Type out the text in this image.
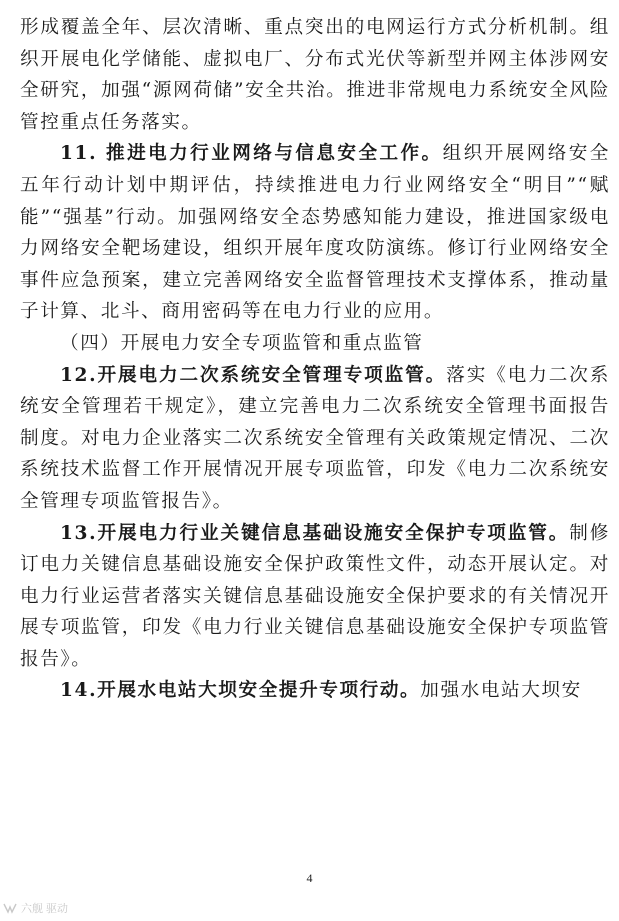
形成覆盖全年、层次清晰、重点突出的电网运行方式分析机制。组织开展电化学储能、虚拟电厂、分布式光伏等新型并网主体涉网安全研究，加强“源网荷储”安全共治。推进非常规电力系统安全风险管控重点任务落实。

11. 推进电力行业网络与信息安全工作。组织开展网络安全五年行动计划中期评估，持续推进电力行业网络安全“明目”“赋能”“强基”行动。加强网络安全态势感知能力建设，推进国家级电力网络安全靶场建设，组织开展年度攻防演练。修订行业网络安全事件应急预案，建立完善网络安全监督管理技术支撑体系，推动量子计算、北斗、商用密码等在电力行业的应用。

（四）开展电力安全专项监管和重点监管

12.开展电力二次系统安全管理专项监管。落实《电力二次系统安全管理若干规定》，建立完善电力二次系统安全管理书面报告制度。对电力企业落实二次系统安全管理有关政策规定情况、二次系统技术监督工作开展情况开展专项监管，印发《电力二次系统安全管理专项监管报告》。

13.开展电力行业关键信息基础设施安全保护专项监管。制修订电力关键信息基础设施安全保护政策性文件，动态开展认定。对电力行业运营者落实关键信息基础设施安全保护要求的有关情况开展专项监管，印发《电力行业关键信息基础设施安全保护专项监管报告》。

14.开展水电站大坝安全提升专项行动。加强水电站大坝安

4
六舰 驱动
